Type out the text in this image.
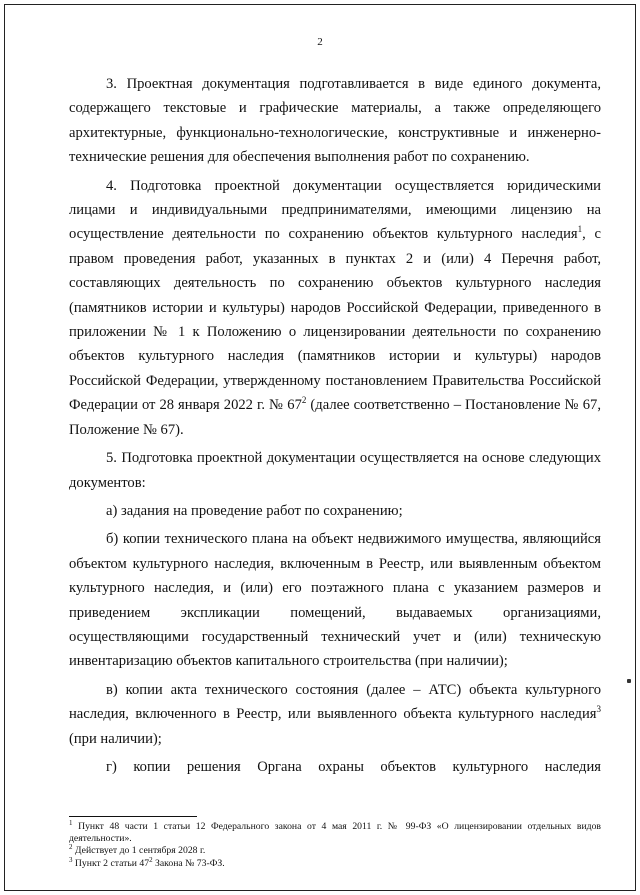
2

3. Проектная документация подготавливается в виде единого документа, содержащего текстовые и графические материалы, а также определяющего архитектурные, функционально-технологические, конструктивные и инженерно-технические решения для обеспечения выполнения работ по сохранению.

4. Подготовка проектной документации осуществляется юридическими лицами и индивидуальными предпринимателями, имеющими лицензию на осуществление деятельности по сохранению объектов культурного наследия$^1$, с правом проведения работ, указанных в пунктах 2 и (или) 4 Перечня работ, составляющих деятельность по сохранению объектов культурного наследия (памятников истории и культуры) народов Российской Федерации, приведенного в приложении № 1 к Положению о лицензировании деятельности по сохранению объектов культурного наследия (памятников истории и культуры) народов Российской Федерации, утвержденному постановлением Правительства Российской Федерации от 28 января 2022 г. № $67^2$ (далее соответственно – Постановление № 67, Положение № 67).

5. Подготовка проектной документации осуществляется на основе следующих документов:

а) задания на проведение работ по сохранению;

б) копии технического плана на объект недвижимого имущества, являющийся объектом культурного наследия, включенным в Реестр, или выявленным объектом культурного наследия, и (или) его поэтажного плана с указанием размеров и приведением экспликации помещений, выдаваемых организациями, осуществляющими государственный технический учет и (или) техническую инвентаризацию объектов капитального строительства (при наличии);

в) копии акта технического состояния (далее – АТС) объекта культурного наследия, включенного в Реестр, или выявленного объекта культурного наследия$^3$ (при наличии);

г) копии решения Органа охраны объектов культурного наследия

$^1$ Пункт 48 части 1 статьи 12 Федерального закона от 4 мая 2011 г. № 99-ФЗ «О лицензировании отдельных видов деятельности».

$^2$ Действует до 1 сентября 2028 г.

$^3$ Пункт 2 статьи $47^2$ Закона № 73-ФЗ.
